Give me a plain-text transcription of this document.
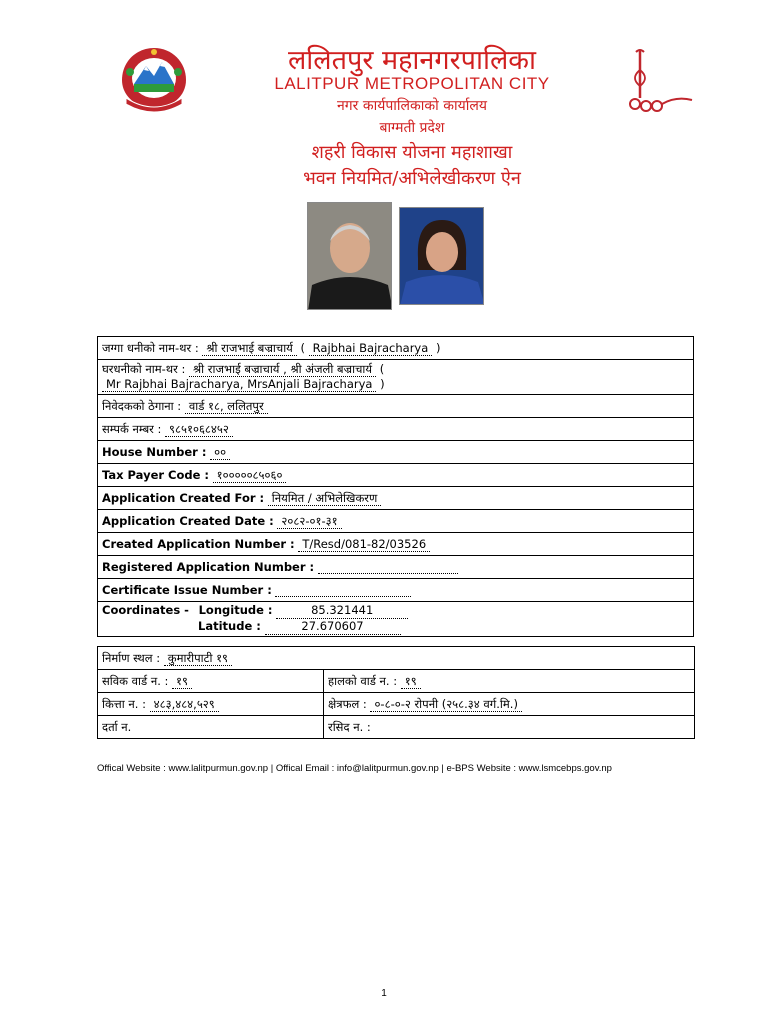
ललितपुर महानगरपालिका
LALITPUR METROPOLITAN CITY
नगर कार्यपालिकाको कार्यालय
बाग्मती प्रदेश
शहरी विकास योजना महाशाखा
भवन नियमित/अभिलेखीकरण ऐन
जग्गा धनीको नाम-थर : श्री राजभाई बज्राचार्य ( Rajbhai Bajracharya )
घरधनीको नाम-थर : श्री राजभाई बज्राचार्य , श्री अंजली बज्राचार्य (
Mr Rajbhai Bajracharya, MrsAnjali Bajracharya )
निवेदकको ठेगाना : वार्ड १८, ललितपुर
सम्पर्क नम्बर : ९८५१०६८४५२
House Number : ००
Tax Payer Code : १०००००८५०६०
Application Created For : नियमित / अभिलेखिकरण
Application Created Date : २०८२-०१-३१
Created Application Number : T/Resd/081-82/03526
Registered Application Number :
Certificate Issue Number :
Coordinates - Longitude :	85.321441
Latitude :	27.670607
निर्माण स्थल : कुमारीपाटी १९	
सविक वार्ड न. : १९	हालको वार्ड न. : १९
कित्ता न. : ४८३,४८४,५२९	क्षेत्रफल : ०-८-०-२ रोपनी (२५८.३४ वर्ग.मि.)
दर्ता न.	रसिद न. :
Offical Website : www.lalitpurmun.gov.np | Offical Email : info@lalitpurmun.gov.np | e-BPS Website : www.lsmcebps.gov.np
1
